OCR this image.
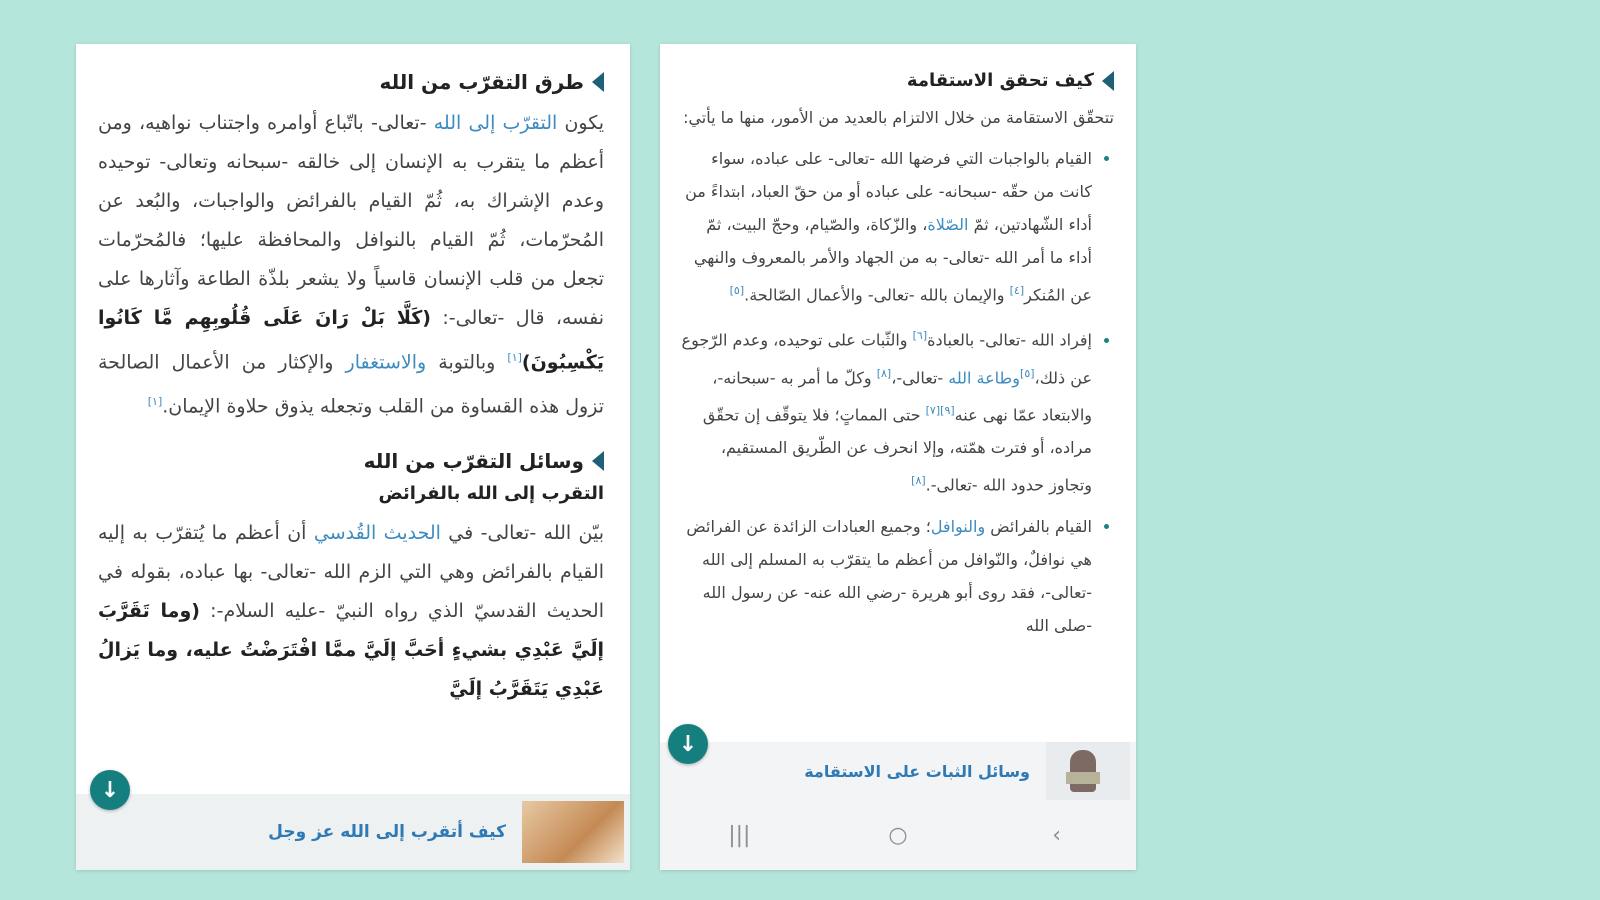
طرق التقرّب من الله

يكون التقرّب إلى الله -تعالى- باتّباع أوامره واجتناب نواهيه، ومن أعظم ما يتقرب به الإنسان إلى خالقه -سبحانه وتعالى- توحيده وعدم الإشراك به، ثُمّ القيام بالفرائض والواجبات، والبُعد عن المُحرّمات، ثُمّ القيام بالنوافل والمحافظة عليها؛ فالمُحرّمات تجعل من قلب الإنسان قاسياً ولا يشعر بلذّة الطاعة وآثارها على نفسه، قال -تعالى-: (كَلَّا بَلْ رَانَ عَلَى قُلُوبِهِم مَّا كَانُوا يَكْسِبُونَ)[١] وبالتوبة والاستغفار والإكثار من الأعمال الصالحة تزول هذه القساوة من القلب وتجعله يذوق حلاوة الإيمان.[١]

وسائل التقرّب من الله
التقرب إلى الله بالفرائض

بيّن الله -تعالى- في الحديث القُدسي أن أعظم ما يُتقرّب به إليه القيام بالفرائض وهي التي الزم الله -تعالى- بها عباده، بقوله في الحديث القدسيّ الذي رواه النبيّ -عليه السلام-: (وما تَقَرَّبَ إلَيَّ عَبْدِي بشيءٍ أحَبَّ إلَيَّ ممَّا افْتَرَضْتُ عليه، وما يَزالُ عَبْدِي يَتَقَرَّبُ إلَيَّ

كيف أتقرب إلى الله عز وجل
↓
كيف تحقق الاستقامة

تتحقّق الاستقامة من خلال الالتزام بالعديد من الأمور، منها ما يأتي:

• القيام بالواجبات التي فرضها الله -تعالى- على عباده، سواء كانت من حقّه -سبحانه- على عباده أو من حقّ العباد، ابتداءً من أداء الشّهادتين، ثمّ الصّلاة، والزّكاة، والصّيام، وحجّ البيت، ثمّ أداء ما أمر الله -تعالى- به من الجهاد والأمر بالمعروف والنهي عن المُنكر[٤] والإيمان بالله -تعالى- والأعمال الصّالحة.[٥]
• إفراد الله -تعالى- بالعبادة[٦] والثّبات على توحيده، وعدم الرّجوع عن ذلك،[٥]وطاعة الله -تعالى-،[٨] وكلّ ما أمر به -سبحانه-، والابتعاد عمّا نهى عنه[٩][٧] حتى المماتٍ؛ فلا يتوقّف إن تحقّق مراده، أو فترت همّته، وإلا انحرف عن الطّريق المستقيم، وتجاوز حدود الله -تعالى-.[٨]
• القيام بالفرائض والنوافل؛ وجميع العبادات الزائدة عن الفرائض هي نوافلٌ، والنّوافل من أعظم ما يتقرّب به المسلم إلى الله -تعالى-، فقد روى أبو هريرة -رضي الله عنه- عن رسول الله -صلى الله
وسائل الثبات على الاستقامة
↓
|||	○	‹
